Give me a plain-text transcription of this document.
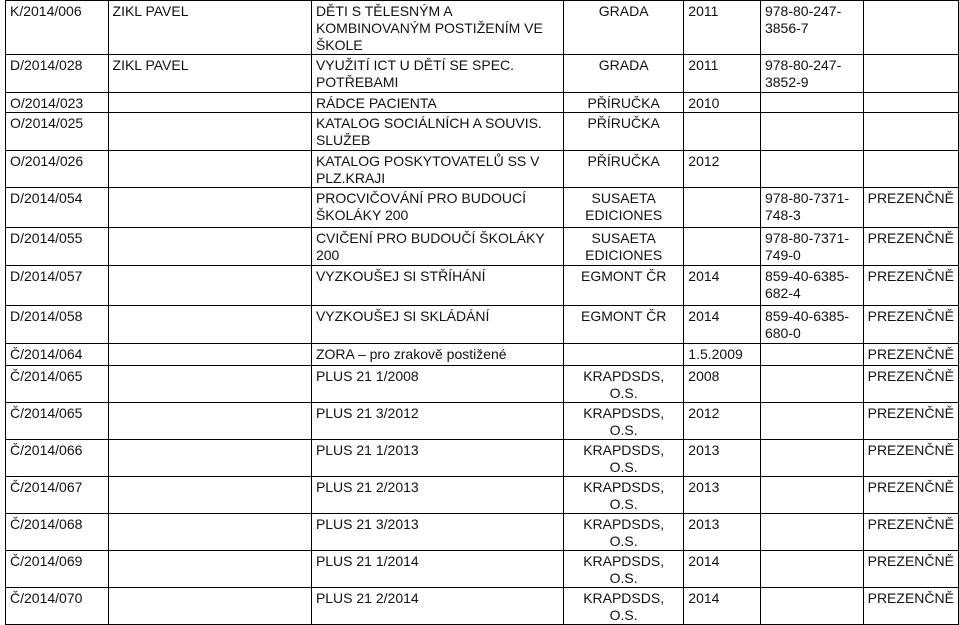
K/2014/006	ZIKL PAVEL	DĚTI S TĚLESNÝM A KOMBINOVANÝM POSTIŽENÍM VE ŠKOLE	GRADA	2011	978-80-247-3856-7	
D/2014/028	ZIKL PAVEL	VYUŽITÍ ICT U DĚTÍ SE SPEC. POTŘEBAMI	GRADA	2011	978-80-247-3852-9	
O/2014/023		RÁDCE PACIENTA	PŘÍRUČKA	2010		
O/2014/025		KATALOG SOCIÁLNÍCH A SOUVIS. SLUŽEB	PŘÍRUČKA			
O/2014/026		KATALOG POSKYTOVATELŮ SS V PLZ.KRAJI	PŘÍRUČKA	2012		
D/2014/054		PROCVIČOVÁNÍ PRO BUDOUCÍ ŠKOLÁKY 200	SUSAETA EDICIONES		978-80-7371-748-3	PREZENČNĚ
D/2014/055		CVIČENÍ PRO BUDOUČÍ ŠKOLÁKY 200	SUSAETA EDICIONES		978-80-7371-749-0	PREZENČNĚ
D/2014/057		VYZKOUŠEJ SI STŘÍHÁNÍ	EGMONT ČR	2014	859-40-6385-682-4	PREZENČNĚ
D/2014/058		VYZKOUŠEJ SI SKLÁDÁNÍ	EGMONT ČR	2014	859-40-6385-680-0	PREZENČNĚ
Č/2014/064		ZORA – pro zrakově postižené		1.5.2009		PREZENČNĚ
Č/2014/065		PLUS 21 1/2008	KRAPDSDS, O.S.	2008		PREZENČNĚ
Č/2014/065		PLUS 21 3/2012	KRAPDSDS, O.S.	2012		PREZENČNĚ
Č/2014/066		PLUS 21 1/2013	KRAPDSDS, O.S.	2013		PREZENČNĚ
Č/2014/067		PLUS 21 2/2013	KRAPDSDS, O.S.	2013		PREZENČNĚ
Č/2014/068		PLUS 21 3/2013	KRAPDSDS, O.S.	2013		PREZENČNĚ
Č/2014/069		PLUS 21 1/2014	KRAPDSDS, O.S.	2014		PREZENČNĚ
Č/2014/070		PLUS 21 2/2014	KRAPDSDS, O.S.	2014		PREZENČNĚ
